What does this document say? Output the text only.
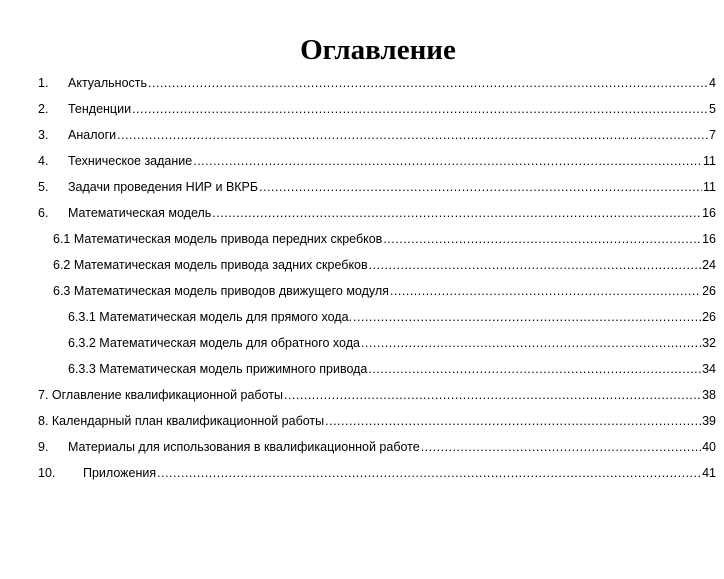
Оглавление
1. Актуальность .....	4
2. Тенденции .....	5
3. Аналоги .....	7
4. Техническое задание .....	11
5. Задачи проведения НИР и ВКРБ .....	11
6. Математическая модель .....	16
6.1 Математическая модель привода передних скребков .....	16
6.2 Математическая модель привода задних скребков .....	24
6.3 Математическая модель приводов движущего модуля .....	26
6.3.1 Математическая модель для прямого хода. .....	26
6.3.2 Математическая модель для обратного хода .....	32
6.3.3 Математическая модель прижимного привода .....	34
7. Оглавление квалификационной работы .....	38
8. Календарный план квалификационной работы .....	39
9. Материалы для использования в квалификационной работе .....	40
10. Приложения .....	41
